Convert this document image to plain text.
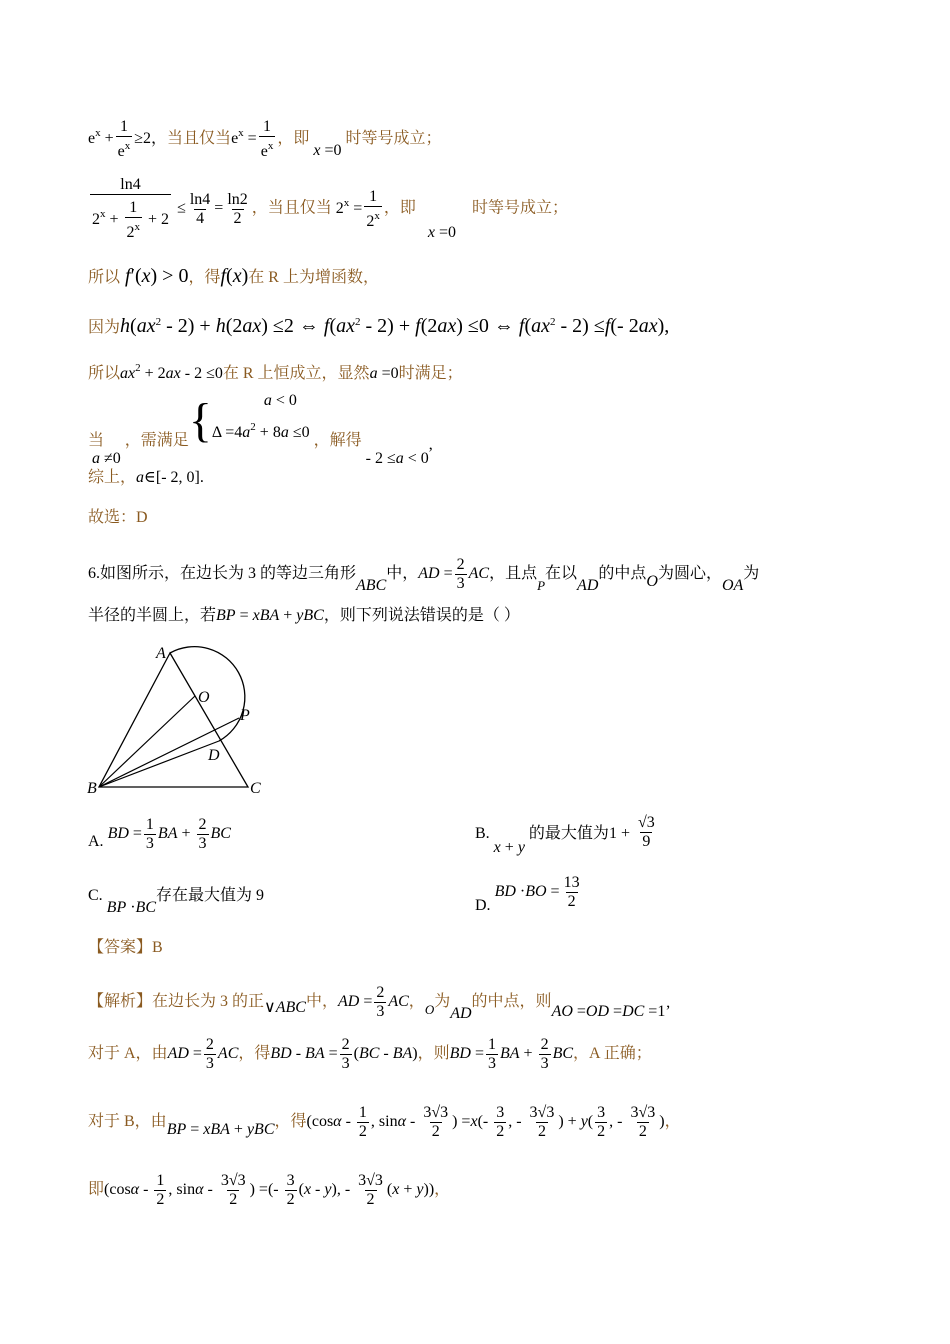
$e^x + \frac{1}{e^x} \ge 2$，当且仅当$e^x = \frac{1}{e^x}$ ，即 x =0 时等号成立；
$\frac{\ln 4}{2^x + \frac{1}{2^x} + 2} \le \frac{\ln 4}{4} = \frac{\ln 2}{2}$ ，当且仅当 $2^x = \frac{1}{2^x}$ ，即 x =0 时等号成立；
所以 f′(x) > 0，得f(x)在 R 上为增函数，
因为$h(ax^2 - 2) + h(2ax) \le 2$ ⇔ $f(ax^2 - 2) + f(2ax) \le 0$ ⇔ $f(ax^2 - 2) \le f(-$ 2ax),
所以$ax^2 + 2ax - 2 \le 0$在 R 上恒成立，显然a =0时满足；
当 a ≠0，需满足{	a < 0
$\Delta =4a^2 + 8a \le 0$ ，解得 - 2 ≤a < 0,
综上，a∈[- 2, 0].
故选：D
6.如图所示，在边长为 3 的等边三角形ABC中，AD = $\frac{2}{3}$ AC，且点$_P$在以AD的中点O为圆心，OA为
半径的半圆上，若BP = xBA + yBC，则下列说法错误的是（ ）
A
O
P
D
B	C
A. BD = $\frac{1}{3}$ BA + $\frac{2}{3}$ BC	B. x + y 的最大值为$1 + \frac{√3}{9}$
C. BP ·BC存在最大值为 9
D. BD $\cdot BO = \frac{13}{2}$
【答案】B
【解析】在边长为 3 的正∨ABC中，AD = $\frac{2}{3}$ AC，$_O$为AD的中点，则AO =OD =DC =1’
对于 A，由AD = $\frac{2}{3}$ AC，得BD - BA = $\frac{2}{3} (BC - BA)$，则BD = $\frac{1}{3}$ BA + $\frac{2}{3}$ BC，A 正确；
对于 B，由BP = xBA + yBC，得($\cos\alpha - \frac{1}{2}$ , sinα - $\frac{3√3}{2}$ ) $=x(- \frac{3}{2}$ , - $\frac{3√3}{2}$ ) + $y( \frac{3}{2}$ , - $\frac{3√3}{2}$ )，
即($\cos\alpha - \frac{1}{2}$ , sinα - $\frac{3√3}{2}$ ) =(- $\frac{3}{2} (x - y)$, - $\frac{3√3}{2} (x + y)$)，
